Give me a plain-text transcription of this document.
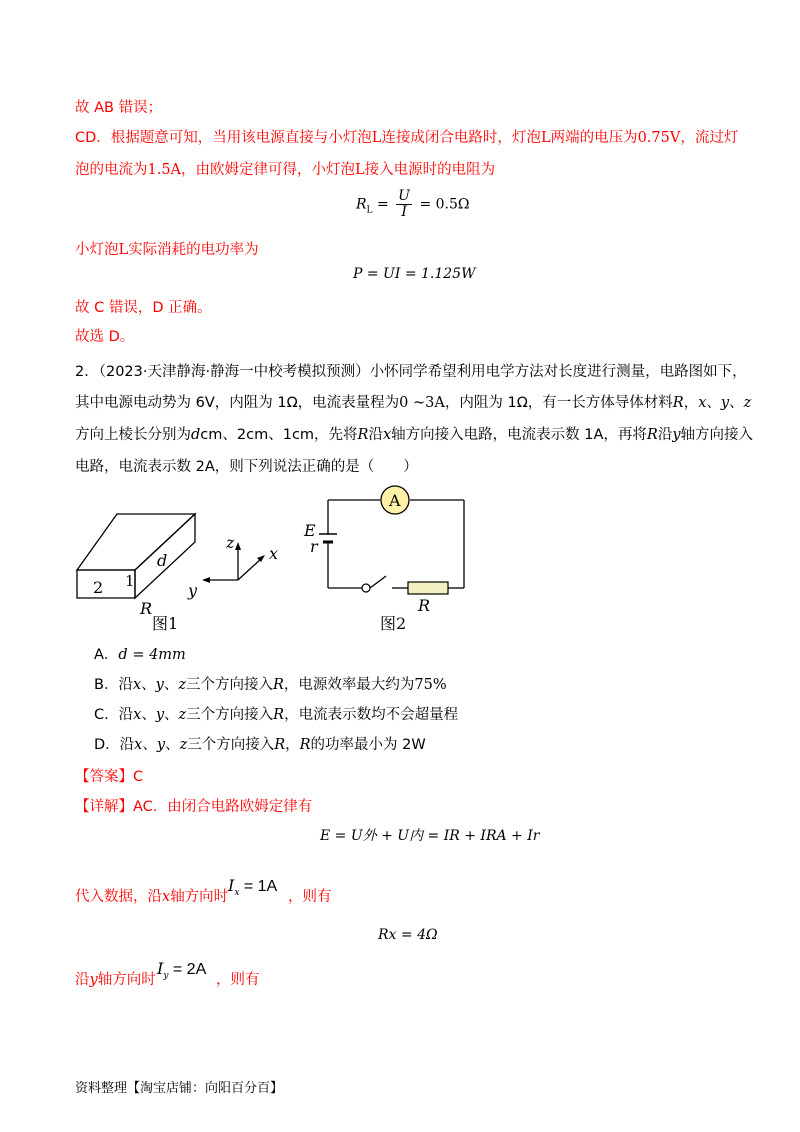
故 AB 错误；
CD．根据题意可知，当用该电源直接与小灯泡L连接成闭合电路时，灯泡L两端的电压为0.75V，流过灯
泡的电流为1.5A，由欧姆定律可得，小灯泡L接入电源时的电阻为
$R_L = \frac{U}{I} = 0.5\Omega$
小灯泡L实际消耗的电功率为
P = UI = 1.125W
故 C 错误，D 正确。
故选 D。
2．（2023·天津静海·静海一中校考模拟预测）小怀同学希望利用电学方法对长度进行测量，电路图如下，
其中电源电动势为 6V，内阻为 1Ω，电流表量程为0 ~3A，内阻为 1Ω，有一长方体导体材料R，x、y、z
方向上棱长分别为dcm、2cm、1cm，先将R沿x轴方向接入电路，电流表示数 1A，再将R沿y轴方向接入
电路，电流表示数 2A，则下列说法正确的是（　　）
d
2 1
R
z
x
y
图1
A
E
r
R
图2
A．d = 4mm
B．沿x、y、z三个方向接入R，电源效率最大约为75%
C．沿x、y、z三个方向接入R，电流表示数均不会超量程
D．沿x、y、z三个方向接入R，R的功率最小为 2W
【答案】C
【详解】AC．由闭合电路欧姆定律有
E = U外 + U内 = IR + IRA + Ir
代入数据，沿x轴方向时
$I_x = 1A$
，则有
Rx = 4Ω
沿y轴方向时
$I_y = 2A$
，则有
资料整理【淘宝店铺：向阳百分百】
